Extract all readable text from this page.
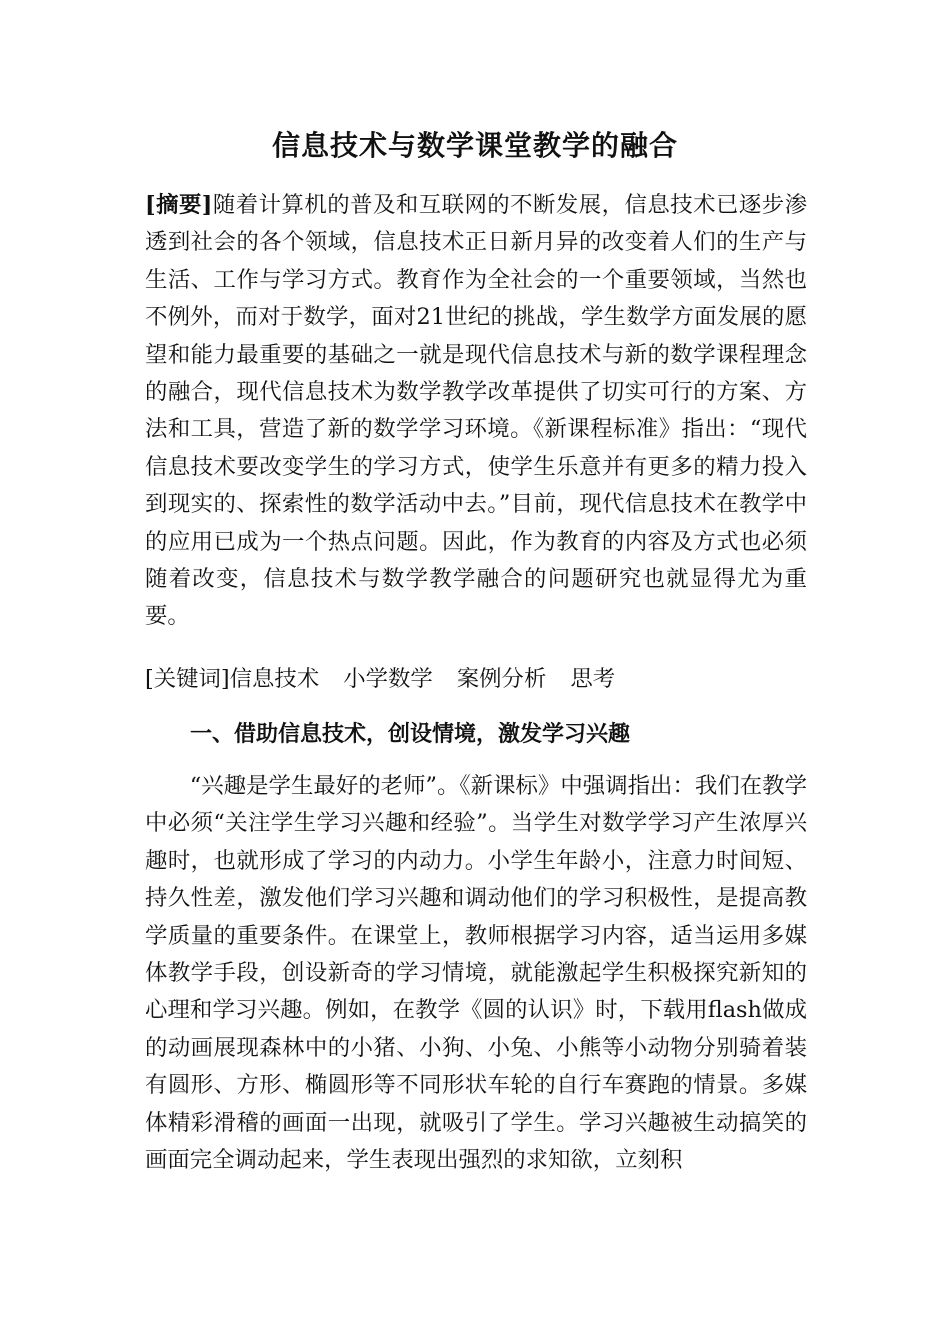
信息技术与数学课堂教学的融合
[摘要]随着计算机的普及和互联网的不断发展，信息技术已逐步渗透到社会的各个领域，信息技术正日新月异的改变着人们的生产与生活、工作与学习方式。教育作为全社会的一个重要领域，当然也不例外，而对于数学，面对21世纪的挑战，学生数学方面发展的愿望和能力最重要的基础之一就是现代信息技术与新的数学课程理念的融合，现代信息技术为数学教学改革提供了切实可行的方案、方法和工具，营造了新的数学学习环境。《新课程标准》指出：“现代信息技术要改变学生的学习方式，使学生乐意并有更多的精力投入到现实的、探索性的数学活动中去。”目前，现代信息技术在教学中的应用已成为一个热点问题。因此，作为教育的内容及方式也必须随着改变，信息技术与数学教学融合的问题研究也就显得尤为重要。
[关键词]信息技术 小学数学 案例分析 思考
一、借助信息技术，创设情境，激发学习兴趣
“兴趣是学生最好的老师”。《新课标》中强调指出：我们在教学中必须“关注学生学习兴趣和经验”。当学生对数学学习产生浓厚兴趣时，也就形成了学习的内动力。小学生年龄小，注意力时间短、持久性差，激发他们学习兴趣和调动他们的学习积极性，是提高教学质量的重要条件。在课堂上，教师根据学习内容，适当运用多媒体教学手段，创设新奇的学习情境，就能激起学生积极探究新知的心理和学习兴趣。例如，在教学《圆的认识》时，下载用flash做成的动画展现森林中的小猪、小狗、小兔、小熊等小动物分别骑着装有圆形、方形、椭圆形等不同形状车轮的自行车赛跑的情景。多媒体精彩滑稽的画面一出现，就吸引了学生。学习兴趣被生动搞笑的画面完全调动起来，学生表现出强烈的求知欲，立刻积
